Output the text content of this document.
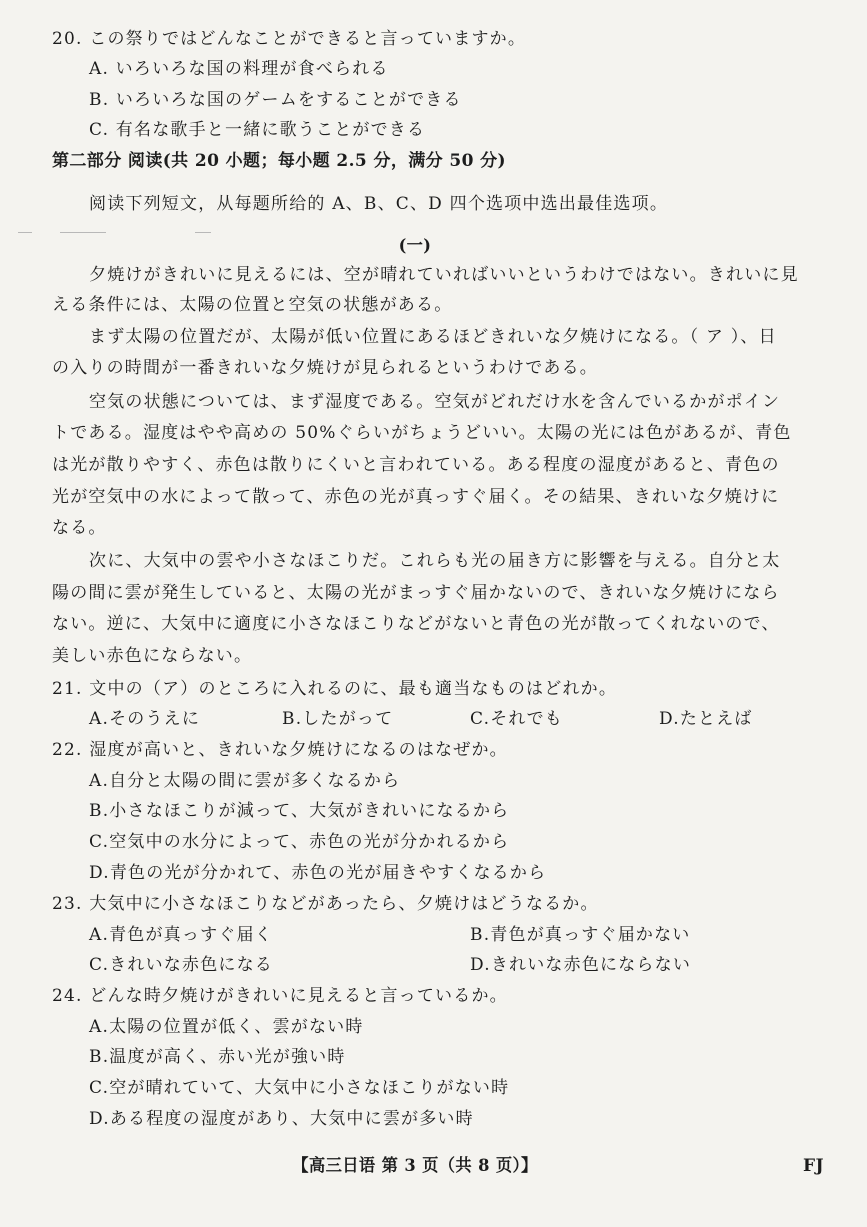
20. この祭りではどんなことができると言っていますか。
A. いろいろな国の料理が食べられる
B. いろいろな国のゲームをすることができる
C. 有名な歌手と一緒に歌うことができる
第二部分 阅读(共 20 小题；每小题 2.5 分，满分 50 分)
阅读下列短文，从每题所给的 A、B、C、D 四个选项中选出最佳选项。
(一)
夕焼けがきれいに見えるには、空が晴れていればいいというわけではない。きれいに見
える条件には、太陽の位置と空気の状態がある。
まず太陽の位置だが、太陽が低い位置にあるほどきれいな夕焼けになる。（ ア ）、日
の入りの時間が一番きれいな夕焼けが見られるというわけである。
空気の状態については、まず湿度である。空気がどれだけ水を含んでいるかがポイン
トである。湿度はやや高めの 50%ぐらいがちょうどいい。太陽の光には色があるが、青色
は光が散りやすく、赤色は散りにくいと言われている。ある程度の湿度があると、青色の
光が空気中の水によって散って、赤色の光が真っすぐ届く。その結果、きれいな夕焼けに
なる。
次に、大気中の雲や小さなほこりだ。これらも光の届き方に影響を与える。自分と太
陽の間に雲が発生していると、太陽の光がまっすぐ届かないので、きれいな夕焼けになら
ない。逆に、大気中に適度に小さなほこりなどがないと青色の光が散ってくれないので、
美しい赤色にならない。
21. 文中の（ア）のところに入れるのに、最も適当なものはどれか。
A.そのうえに	B.したがって	C.それでも	D.たとえば
22. 湿度が高いと、きれいな夕焼けになるのはなぜか。
A.自分と太陽の間に雲が多くなるから
B.小さなほこりが減って、大気がきれいになるから
C.空気中の水分によって、赤色の光が分かれるから
D.青色の光が分かれて、赤色の光が届きやすくなるから
23. 大気中に小さなほこりなどがあったら、夕焼けはどうなるか。
A.青色が真っすぐ届く	B.青色が真っすぐ届かない
C.きれいな赤色になる	D.きれいな赤色にならない
24. どんな時夕焼けがきれいに見えると言っているか。
A.太陽の位置が低く、雲がない時
B.温度が高く、赤い光が強い時
C.空が晴れていて、大気中に小さなほこりがない時
D.ある程度の湿度があり、大気中に雲が多い時
【高三日语 第 3 页（共 8 页）】	FJ
